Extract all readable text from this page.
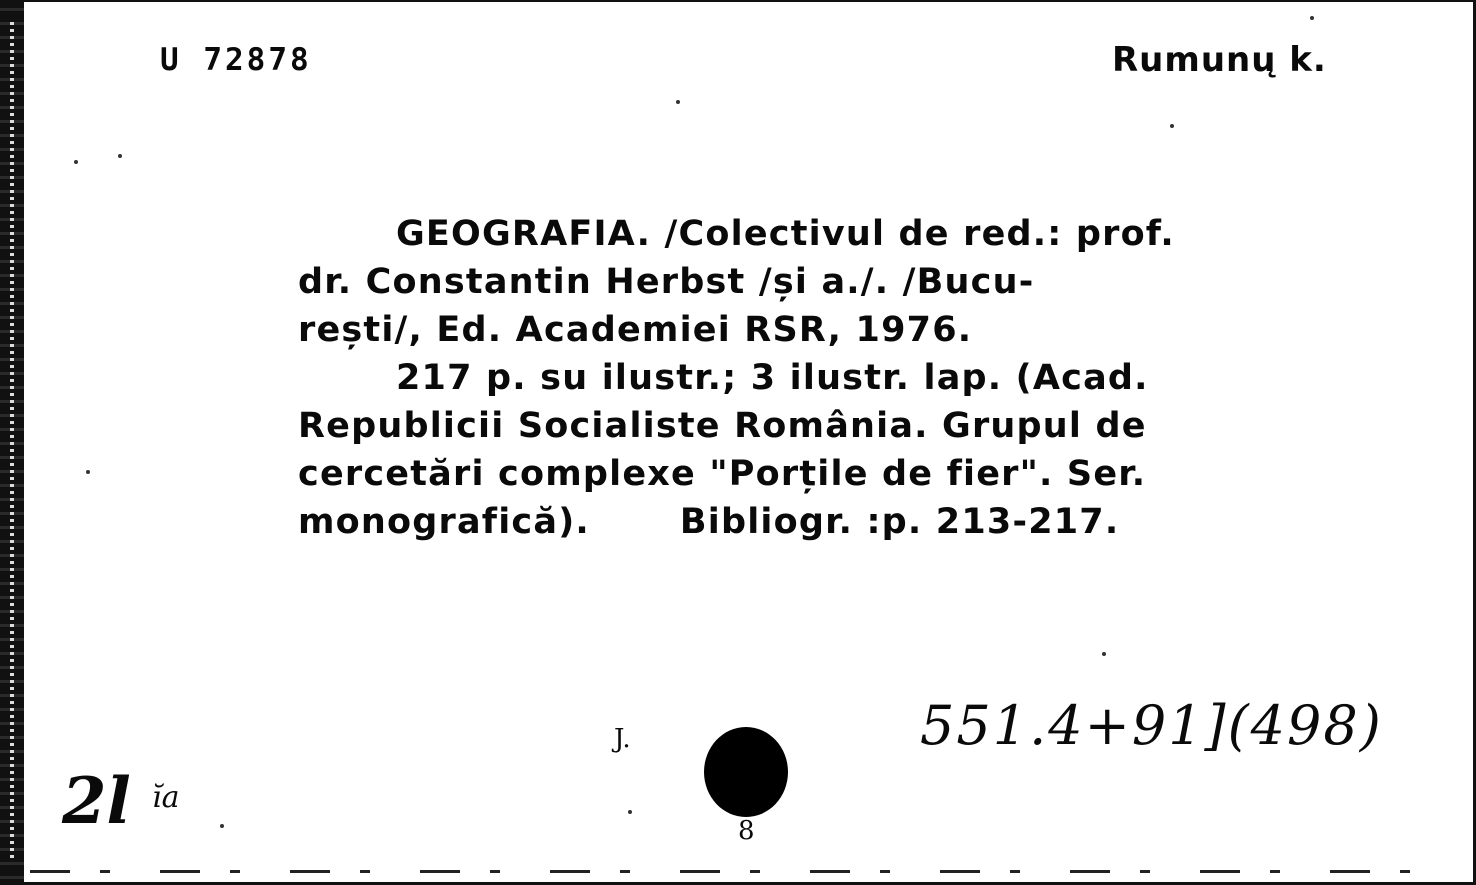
U 72878	Rumunų k.
GEOGRAFIA. /Colectivul de red.: prof.
dr. Constantin Herbst /și a./. /Bucu-
rești/, Ed. Academiei RSR, 1976.
217 p. su ilustr.; 3 ilustr. lap. (Acad.
Republicii Socialiste România. Grupul de
cercetări complexe "Porțile de fier". Ser.
monografică).	Bibliogr. :p. 213-217.
J.
8
551.4+91](498)
2l ĭa
